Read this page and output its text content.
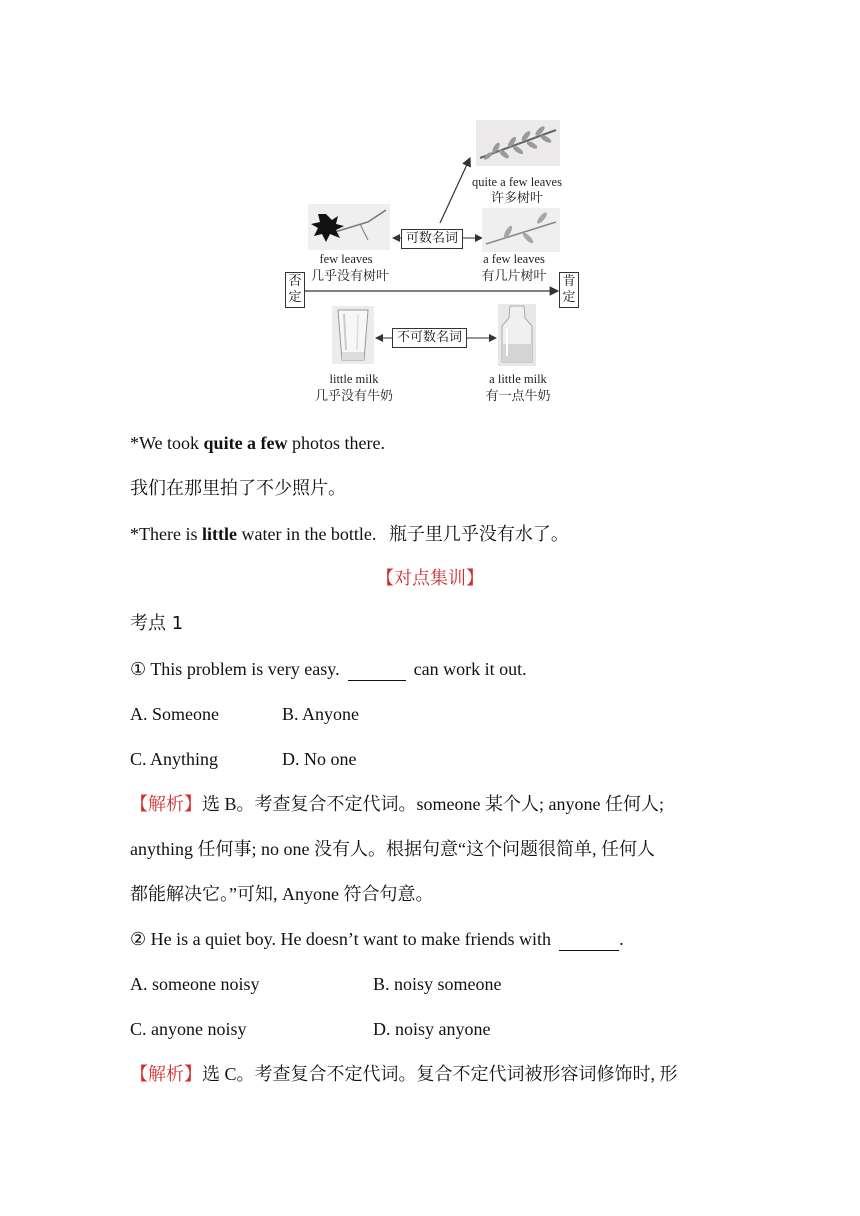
quite a few leaves
许多树叶
few leaves
几乎没有树叶
a few leaves
有几片树叶
可数名词
否定
肯定
little milk
几乎没有牛奶
不可数名词
a little milk
有一点牛奶
*We took quite a few photos there.
我们在那里拍了不少照片。
*There is little water in the bottle. 瓶子里几乎没有水了。
【对点集训】
考点 1
① This problem is very easy.	can work it out.
A. Someone	B. Anyone
C. Anything	D. No one
【解析】选 B。考查复合不定代词。someone 某个人; anyone 任何人;
anything 任何事; no one 没有人。根据句意“这个问题很简单, 任何人
都能解决它。”可知, Anyone 符合句意。
② He is a quiet boy. He doesn’t want to make friends with	.
A. someone noisy	B. noisy someone
C. anyone noisy	D. noisy anyone
【解析】选 C。考查复合不定代词。复合不定代词被形容词修饰时, 形
